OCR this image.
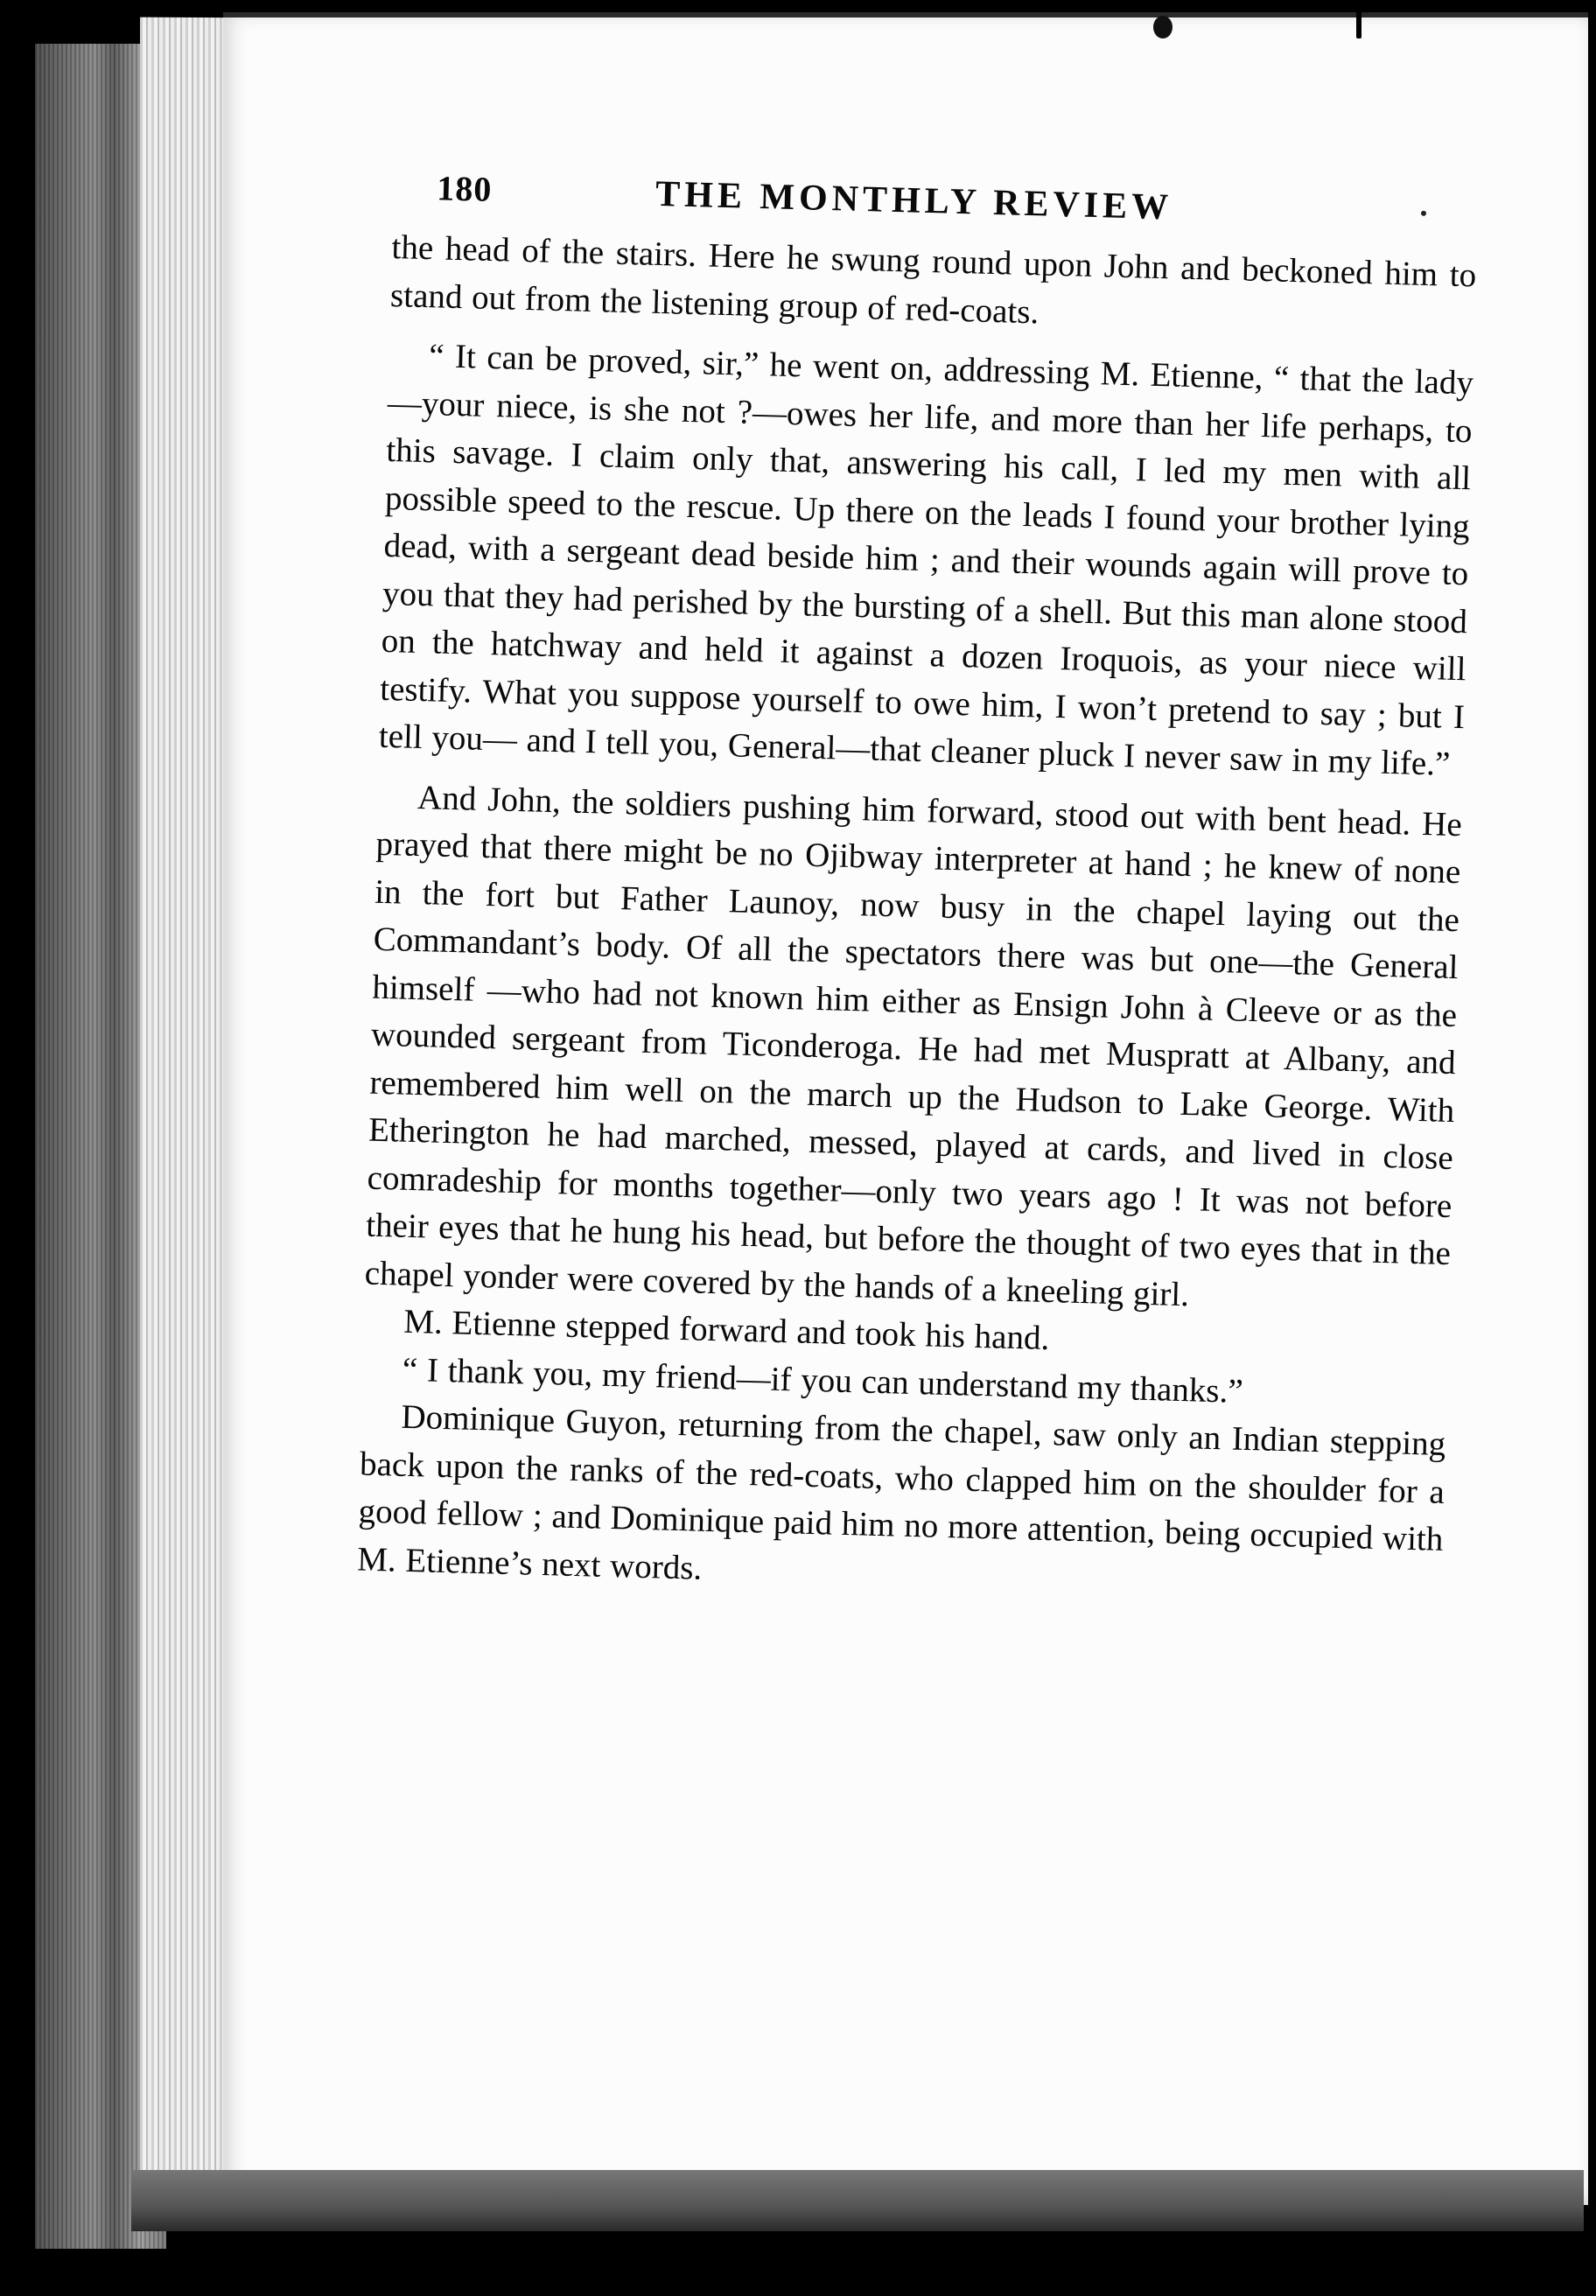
180	THE MONTHLY REVIEW

the head of the stairs. Here he swung round upon John and beckoned him to stand out from the listening group of red-coats.

“ It can be proved, sir,” he went on, addressing M. Etienne, “ that the lady—your niece, is she not ?—owes her life, and more than her life perhaps, to this savage. I claim only that, answering his call, I led my men with all possible speed to the rescue. Up there on the leads I found your brother lying dead, with a sergeant dead beside him ; and their wounds again will prove to you that they had perished by the bursting of a shell. But this man alone stood on the hatchway and held it against a dozen Iroquois, as your niece will testify. What you suppose yourself to owe him, I won’t pretend to say ; but I tell you— and I tell you, General—that cleaner pluck I never saw in my life.”

And John, the soldiers pushing him forward, stood out with bent head. He prayed that there might be no Ojibway interpreter at hand ; he knew of none in the fort but Father Launoy, now busy in the chapel laying out the Commandant’s body. Of all the spectators there was but one—the General himself —who had not known him either as Ensign John à Cleeve or as the wounded sergeant from Ticonderoga. He had met Muspratt at Albany, and remembered him well on the march up the Hudson to Lake George. With Etherington he had marched, messed, played at cards, and lived in close comradeship for months together—only two years ago ! It was not before their eyes that he hung his head, but before the thought of two eyes that in the chapel yonder were covered by the hands of a kneeling girl.

M. Etienne stepped forward and took his hand.

“ I thank you, my friend—if you can understand my thanks.”

Dominique Guyon, returning from the chapel, saw only an Indian stepping back upon the ranks of the red-coats, who clapped him on the shoulder for a good fellow ; and Dominique paid him no more attention, being occupied with M. Etienne’s next words.
